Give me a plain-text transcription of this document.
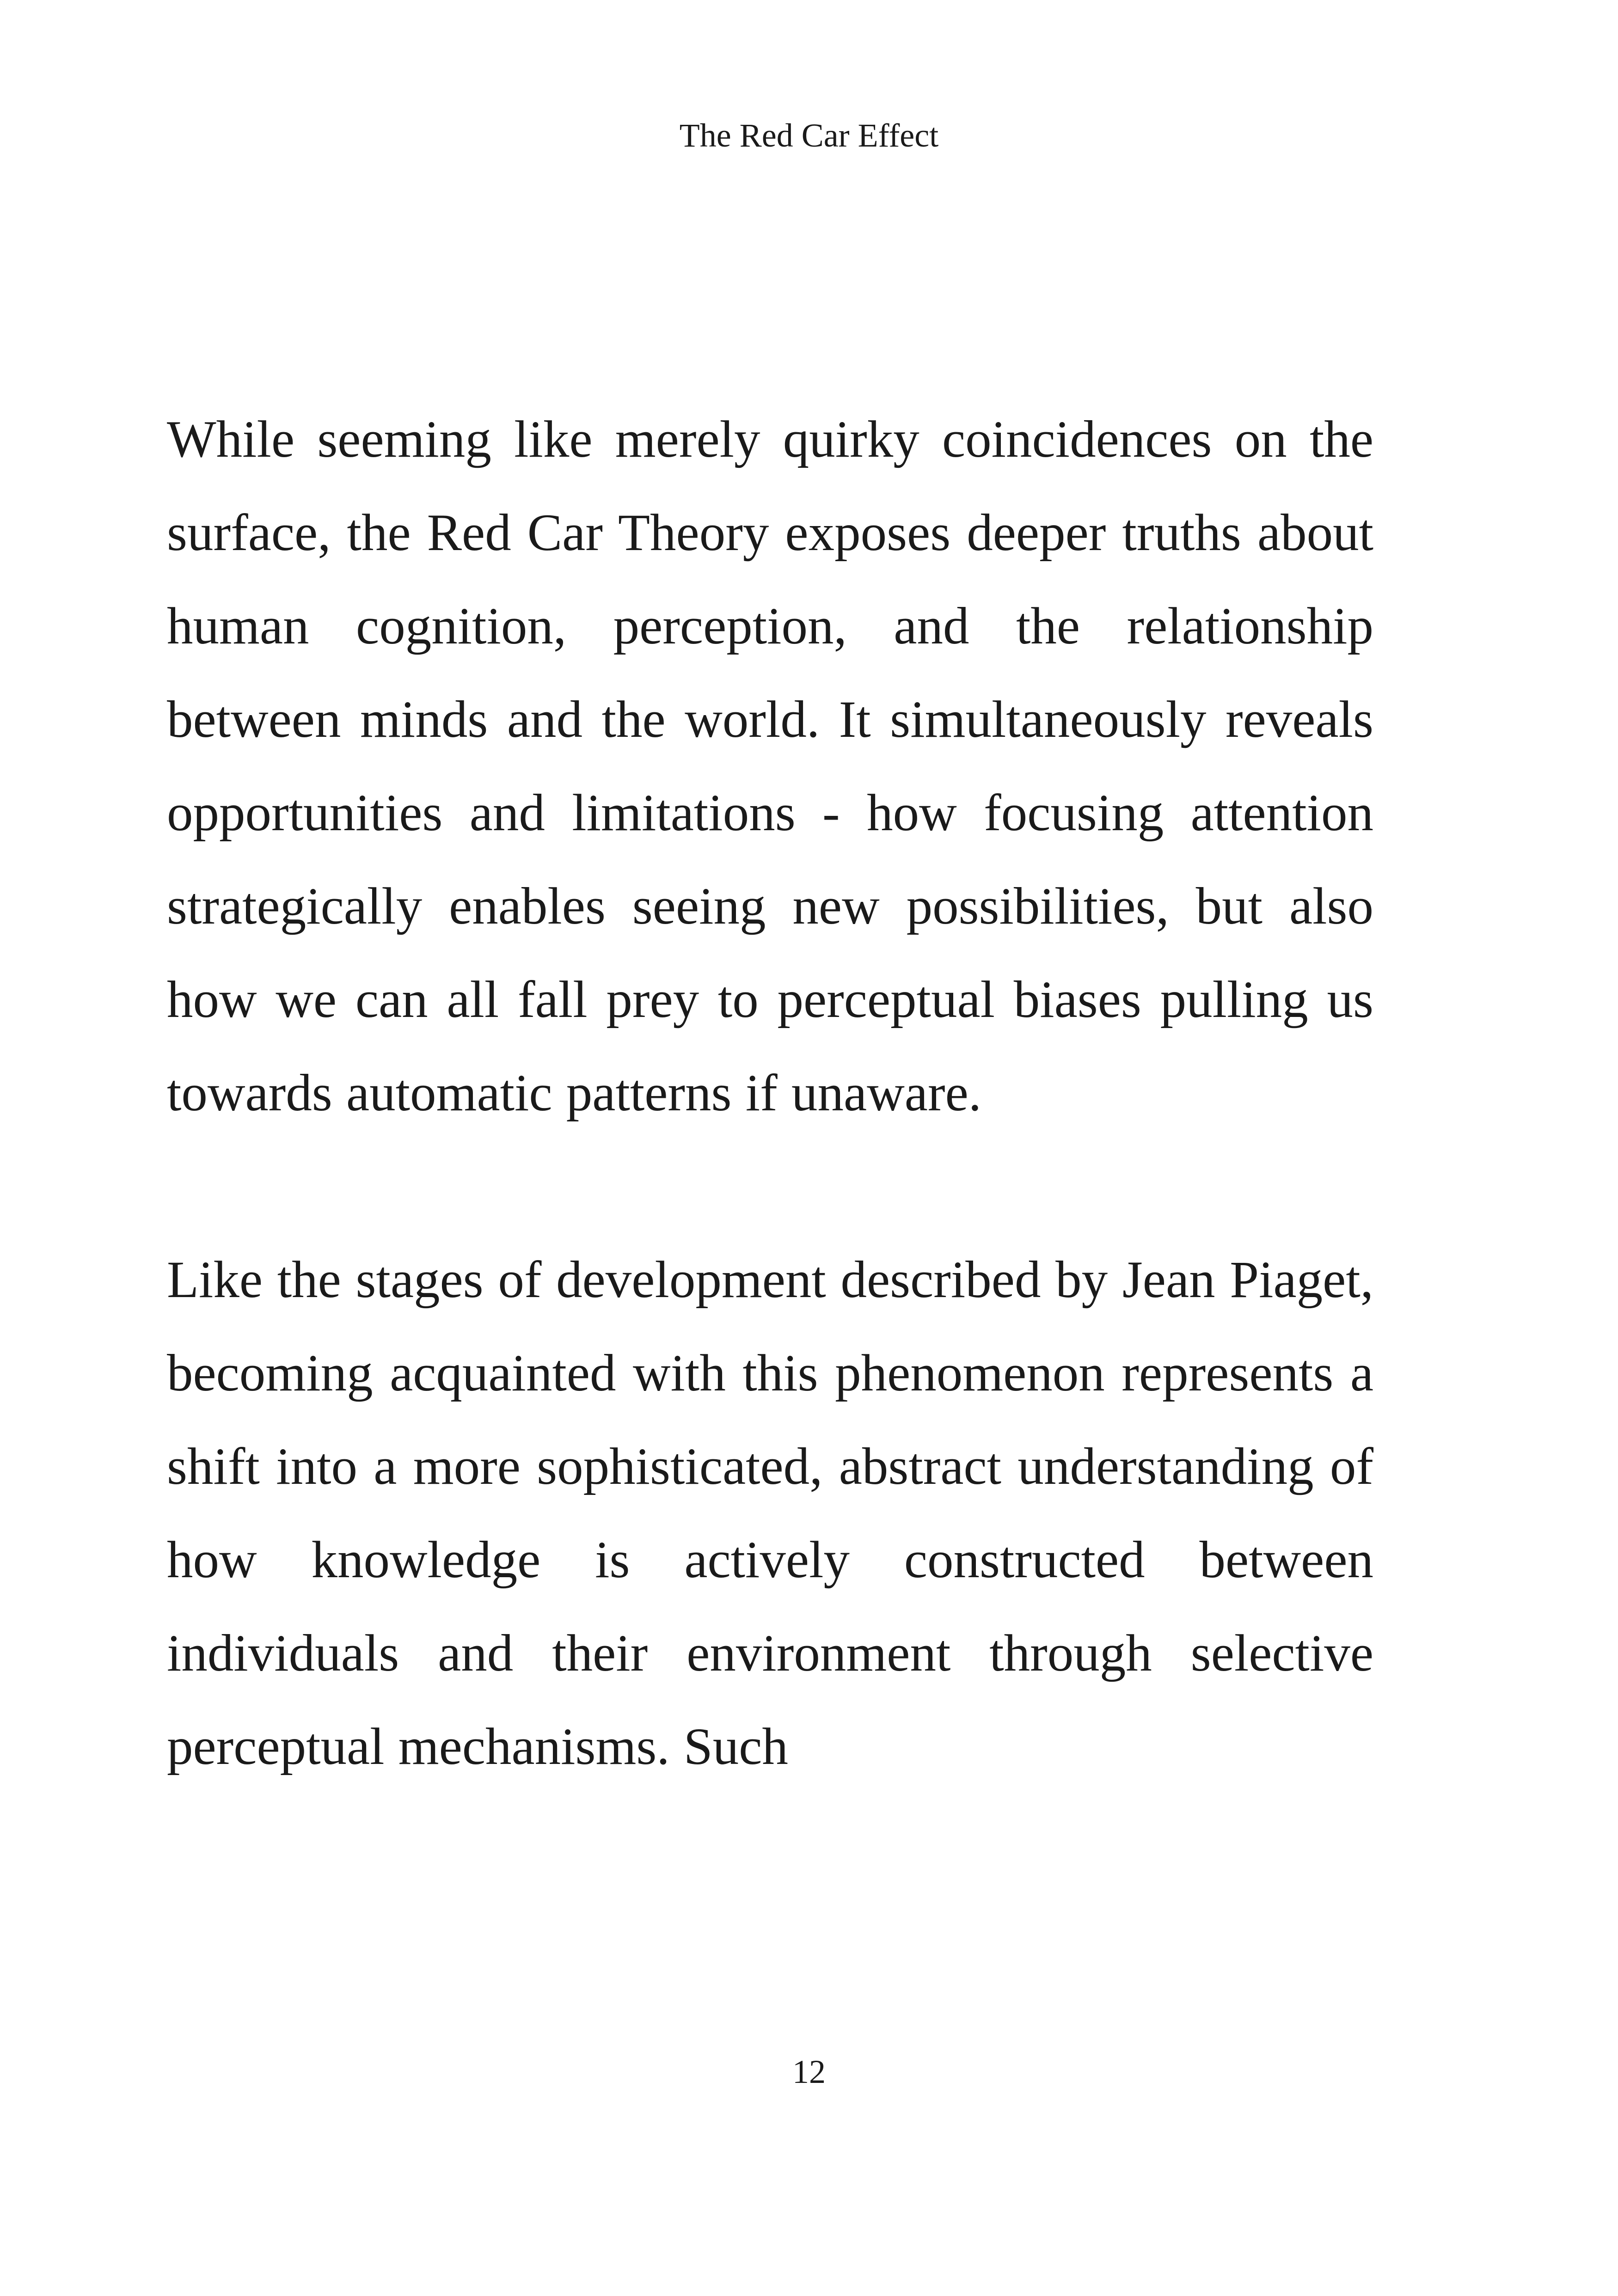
The Red Car Effect

While seeming like merely quirky coincidences on the surface, the Red Car Theory exposes deeper truths about human cognition, perception, and the relationship between minds and the world. It simultaneously reveals opportunities and limitations - how focusing attention strategically enables seeing new possibilities, but also how we can all fall prey to perceptual biases pulling us towards automatic patterns if unaware.

Like the stages of development described by Jean Piaget, becoming acquainted with this phenomenon represents a shift into a more sophisticated, abstract understanding of how knowledge is actively constructed between individuals and their environment through selective perceptual mechanisms. Such

12
